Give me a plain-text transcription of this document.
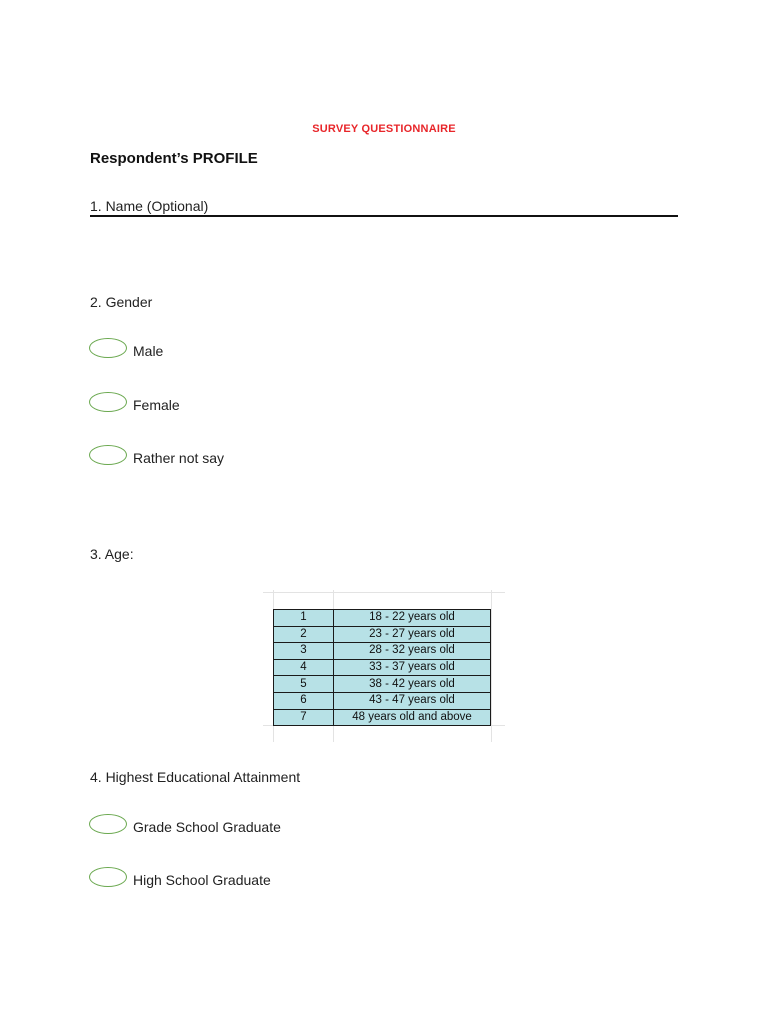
SURVEY QUESTIONNAIRE
Respondent’s PROFILE
1. Name (Optional)
2. Gender
Male
Female
Rather not say
3. Age:
1	18 - 22 years old
2	23 - 27 years old
3	28 - 32 years old
4	33 - 37 years old
5	38 - 42 years old
6	43 - 47 years old
7	48 years old and above
4. Highest Educational Attainment
Grade School Graduate
High School Graduate
